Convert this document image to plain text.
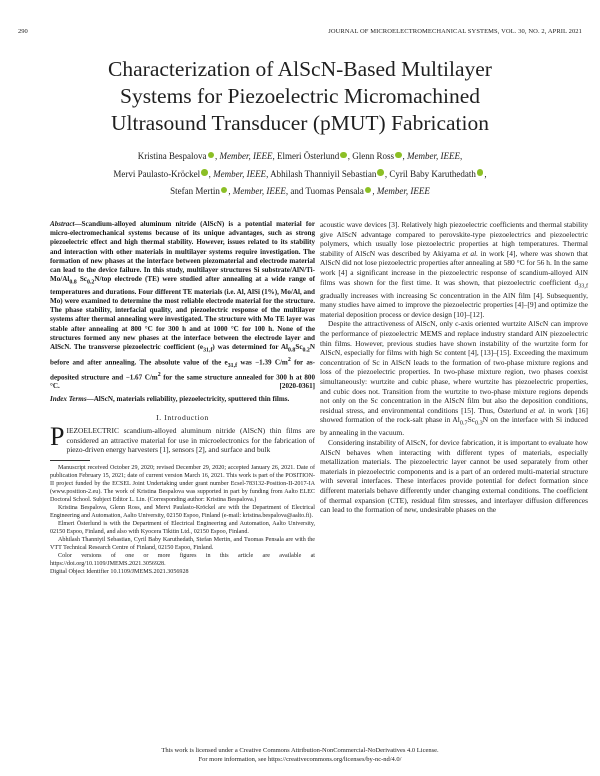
290	JOURNAL OF MICROELECTROMECHANICAL SYSTEMS, VOL. 30, NO. 2, APRIL 2021
Characterization of AlScN-Based Multilayer
Systems for Piezoelectric Micromachined
Ultrasound Transducer (pMUT) Fabrication
Kristina Bespalova , Member, IEEE, Elmeri Österlund , Glenn Ross , Member, IEEE,
Mervi Paulasto-Kröckel , Member, IEEE, Abhilash Thanniyil Sebastian , Cyril Baby Karuthedath ,
Stefan Mertin , Member, IEEE, and Tuomas Pensala , Member, IEEE

Abstract—Scandium-alloyed aluminum nitride (AlScN) is a potential material for micro-electromechanical systems because of its unique advantages, such as strong piezoelectric effect and high thermal stability. However, issues related to its stability and interaction with other materials in multilayer systems require investigation. The formation of new phases at the interface between piezomaterial and electrode material can lead to the device failure. In this study, multilayer structures Si substrate/$AlN/Ti-Mo/Al_{0.8}$ $Sc_{0.2}N$/top electrode (TE) were studied after annealing at a wide range of temperatures and durations. Four different TE materials (i.e. Al, AlSi (1%), Mo/Al, and Mo) were examined to determine the most reliable electrode material for the structure. The phase stability, interfacial quality, and piezoelectric response of the multilayer systems after thermal annealing were investigated. The structure with Mo TE layer was stable after annealing at 800 °C for 300 h and at 1000 °C for 100 h. None of the structures formed any new phases at the interface between the electrode layer and AlScN. The transverse piezoelectric coefficient $(e_{31,f})$ was determined for $Al_{0.8}Sc_{0.2}N$ before and after annealing. The absolute value of the $e_{31,f}$ was −1.39 $C/m^2$ for as-deposited structure and −1.67 $C/m^2$ for the same structure annealed for 300 h at 800 °C.	[2020-0361]

Index Terms—AlScN, materials reliability, piezoelectricity, sputtered thin films.

I. Introduction

PIEZOELECTRIC scandium-alloyed aluminum nitride (AlScN) thin films are considered an attractive material for use in microelectronics for the fabrication of piezo-driven energy harvesters [1], sensors [2], and surface and bulk

Manuscript received October 29, 2020; revised December 29, 2020; accepted January 26, 2021. Date of publication February 15, 2021; date of current version March 16, 2021. This work is part of the POSITION-II project funded by the ECSEL Joint Undertaking under grant number Ecsel-783132-Position-II-2017-IA (www.position-2.eu). The work of Kristina Bespalova was supported in part by funding from Aalto ELEC Doctoral School. Subject Editor L. Lin. (Corresponding author: Kristina Bespalova.)

Kristina Bespalova, Glenn Ross, and Mervi Paulasto-Kröckel are with the Department of Electrical Engineering and Automation, Aalto University, 02150 Espoo, Finland (e-mail: kristina.bespalova@aalto.fi).

Elmeri Österlund is with the Department of Electrical Engineering and Automation, Aalto University, 02150 Espoo, Finland, and also with Kyocera Tikitin Ltd., 02150 Espoo, Finland.

Abhilash Thanniyil Sebastian, Cyril Baby Karuthedath, Stefan Mertin, and Tuomas Pensala are with the VTT Technical Research Centre of Finland, 02150 Espoo, Finland.

Color versions of one or more figures in this article are available at https://doi.org/10.1109/JMEMS.2021.3056928.

Digital Object Identifier 10.1109/JMEMS.2021.3056928

acoustic wave devices [3]. Relatively high piezoelectric coefficients and thermal stability give AlScN advantage compared to perovskite-type piezoelectrics and piezoelectric polymers, which usually lose piezoelectric properties at high temperatures. Thermal stability of AlScN was described by Akiyama et al. in work [4], where was shown that AlScN did not lose piezoelectric properties after annealing at 580 °C for 56 h. In the same work [4] a significant increase in the piezoelectric response of scandium-alloyed AlN films was shown for the first time. It was shown, that piezoelectric coefficient $d_{33,f}$ gradually increases with increasing Sc concentration in the AlN film [4]. Subsequently, many studies have aimed to improve the piezoelectric properties [4]–[9] and optimize the material deposition process or device design [10]–[12].

Despite the attractiveness of AlScN, only c-axis oriented wurtzite AlScN can improve the performance of piezoelectric MEMS and replace industry standard AlN piezoelectric thin films. However, previous studies have shown instability of the wurtzite form for AlScN, especially for films with high Sc content [4], [13]–[15]. Exceeding the maximum concentration of Sc in AlScN leads to the formation of two-phase mixture regions and loss of the piezoelectric properties. In two-phase mixture region, two phases coexist simultaneously: wurtzite and cubic phase, where wurtzite has piezoelectric properties, and cubic does not. Transition from the wurtzite to two-phase mixture regions depends not only on the Sc concentration in the AlScN film but also the deposition conditions, residual stress, and environmental conditions [15]. Thus, Österlund et al. in work [16] showed formation of the rock-salt phase in $Al_{0.7}Sc_{0.3}N$ on the interface with Si induced by annealing in the vacuum.

Considering instability of AlScN, for device fabrication, it is important to evaluate how AlScN behaves when interacting with different types of materials, especially metallization materials. The piezoelectric layer cannot be used separately from other materials in piezoelectric components and is a part of an ordered multi-material structure with several interfaces. These interfaces provide potential for defect formation since different materials behave differently under changing external conditions. The coefficient of thermal expansion (CTE), residual film stresses, and interlayer diffusion differences can lead to the formation of new, undesirable phases on the

This work is licensed under a Creative Commons Attribution-NonCommercial-NoDerivatives 4.0 License.
For more information, see https://creativecommons.org/licenses/by-nc-nd/4.0/
